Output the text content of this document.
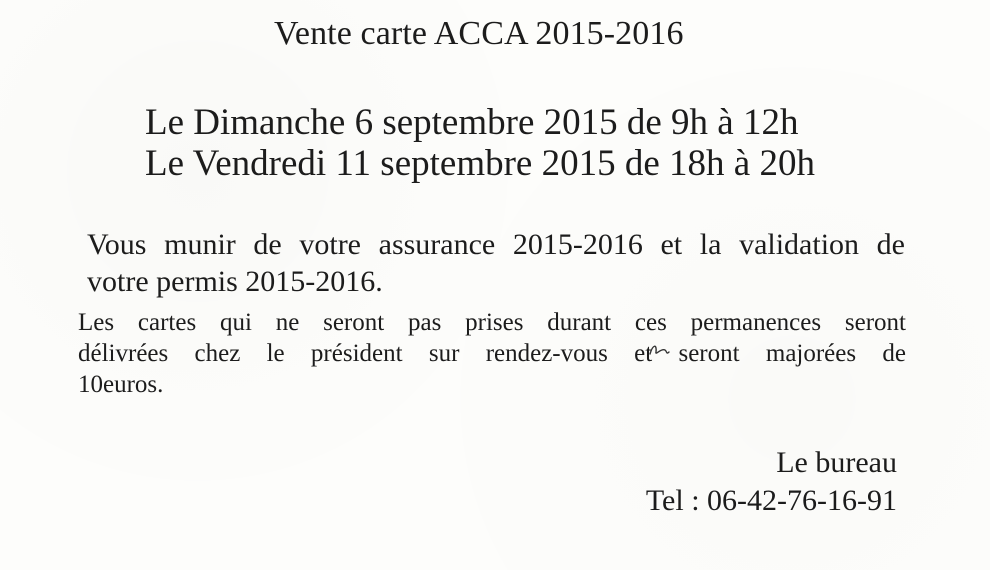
Vente carte ACCA 2015-2016
Le Dimanche 6 septembre 2015 de 9h à 12h
Le Vendredi 11 septembre 2015 de 18h à 20h
Vous munir de votre assurance 2015-2016 et la validation de
votre permis 2015-2016.
Les cartes qui ne seront pas prises durant ces permanences seront
délivrées chez le président sur rendez-vous et seront majorées de
10euros.
Le bureau
Tel : 06-42-76-16-91
